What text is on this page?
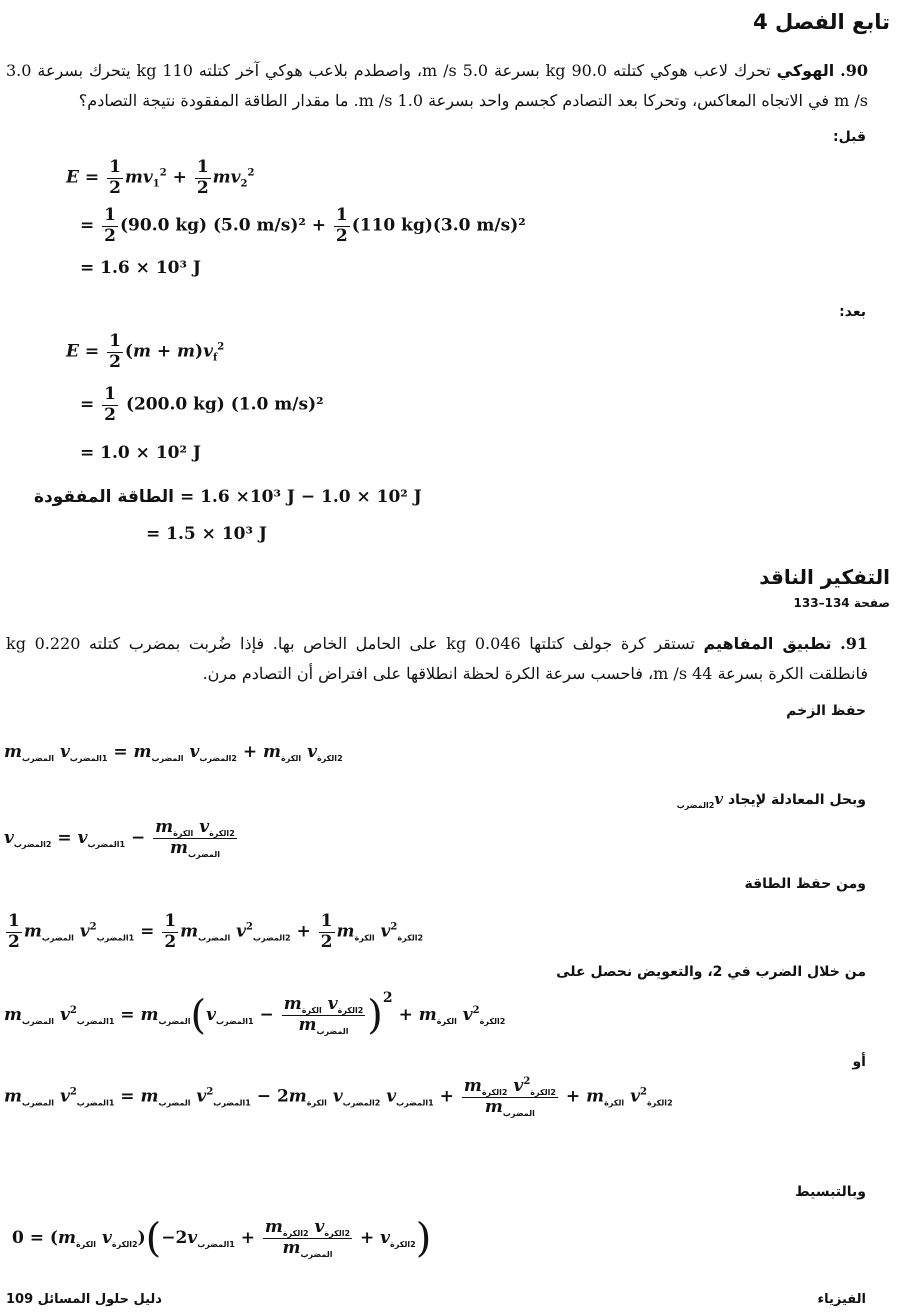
تابع الفصل 4
90. الهوكي تحرك لاعب هوكي كتلته 90.0 kg بسرعة 5.0 m /s، واصطدم بلاعب هوكي آخر كتلته 110 kg يتحرك بسرعة 3.0 m /s في الاتجاه المعاكس، وتحركا بعد التصادم كجسم واحد بسرعة 1.0 m /s. ما مقدار الطاقة المفقودة نتيجة التصادم؟
قبل:
$E = \frac{1}{2} mv_1^2 + \frac{1}{2} mv_2^2$
= $\frac{1}{2} (90.0$ kg) (5.0 $m/s)^2 + \frac{1}{2} (110$ kg)(3.0 m/s)²
= 1.6 × 10³ J
بعد:
$E = \frac{1}{2} (m + m)v_f^2$
= $\frac{1}{2} (200.0$ kg) (1.0 m/s)²
= 1.0 × 10² J
الطاقة المفقودة = 1.6 ×10³ J − 1.0 × 10² J
= 1.5 × 10³ J
التفكير الناقد
صفحة 134–133
91. تطبيق المفاهيم تستقر كرة جولف كتلتها 0.046 kg على الحامل الخاص بها. فإذا ضُربت بمضرب كتلته 0.220 kg فانطلقت الكرة بسرعة 44 m /s، فاحسب سرعة الكرة لحظة انطلاقها على افتراض أن التصادم مرن.
حفظ الزخم
$m_{المضرب}$ v	$_{1المضرب} = m_{المضرب}$ v	$_{2المضرب} + m_{الكرة}$ v	$_{2الكرة}$
وبحل المعادلة لإيجاد $v_{2المضرب}$
v	$_{2المضرب}$ = v	$_{1المضرب} - m_{الكرة}$ v	$_{2الكرة}$
$m_{المضرب}$
ومن حفظ الطاقة
$\frac{1}{2} m_{المضرب}$ $v^2_{1المضرب} = \frac{1}{2} m_{المضرب}$ $v^2_{2المضرب} + \frac{1}{2} m_{الكرة}$ $v^2_{2الكرة}$
من خلال الضرب في 2، والتعويض نحصل على
$m_{المضرب}$ $v^2_{1المضرب} = m_{المضرب}(v$	$_{1المضرب} - m_{الكرة}$ v	$_{2الكرة}$
$m_{المضرب}$ )$^2 + m_{الكرة}$ $v^2_{2الكرة}$
أو
$m_{المضرب}$ $v^2_{1المضرب} = m_{المضرب}$ $v^2_{1المضرب} - 2m_{الكرة}$ v	$_{2المضرب}$ v	$_{1المضرب}$ + m	$_{2الكرة}$ $v^2_{2الكرة}$
$m_{المضرب} + m_{الكرة}$ $v^2_{2الكرة}$
وبالتبسيط
$0 = (m_{الكرة}$ v	$_{2الكرة}$ )(−2v	$_{1المضرب}$ + m	$_{2الكرة}$ v	$_{2الكرة}$
$m_{المضرب} + v$	$_{2الكرة}$ )
دليل حلول المسائل 109	الفيزياء
